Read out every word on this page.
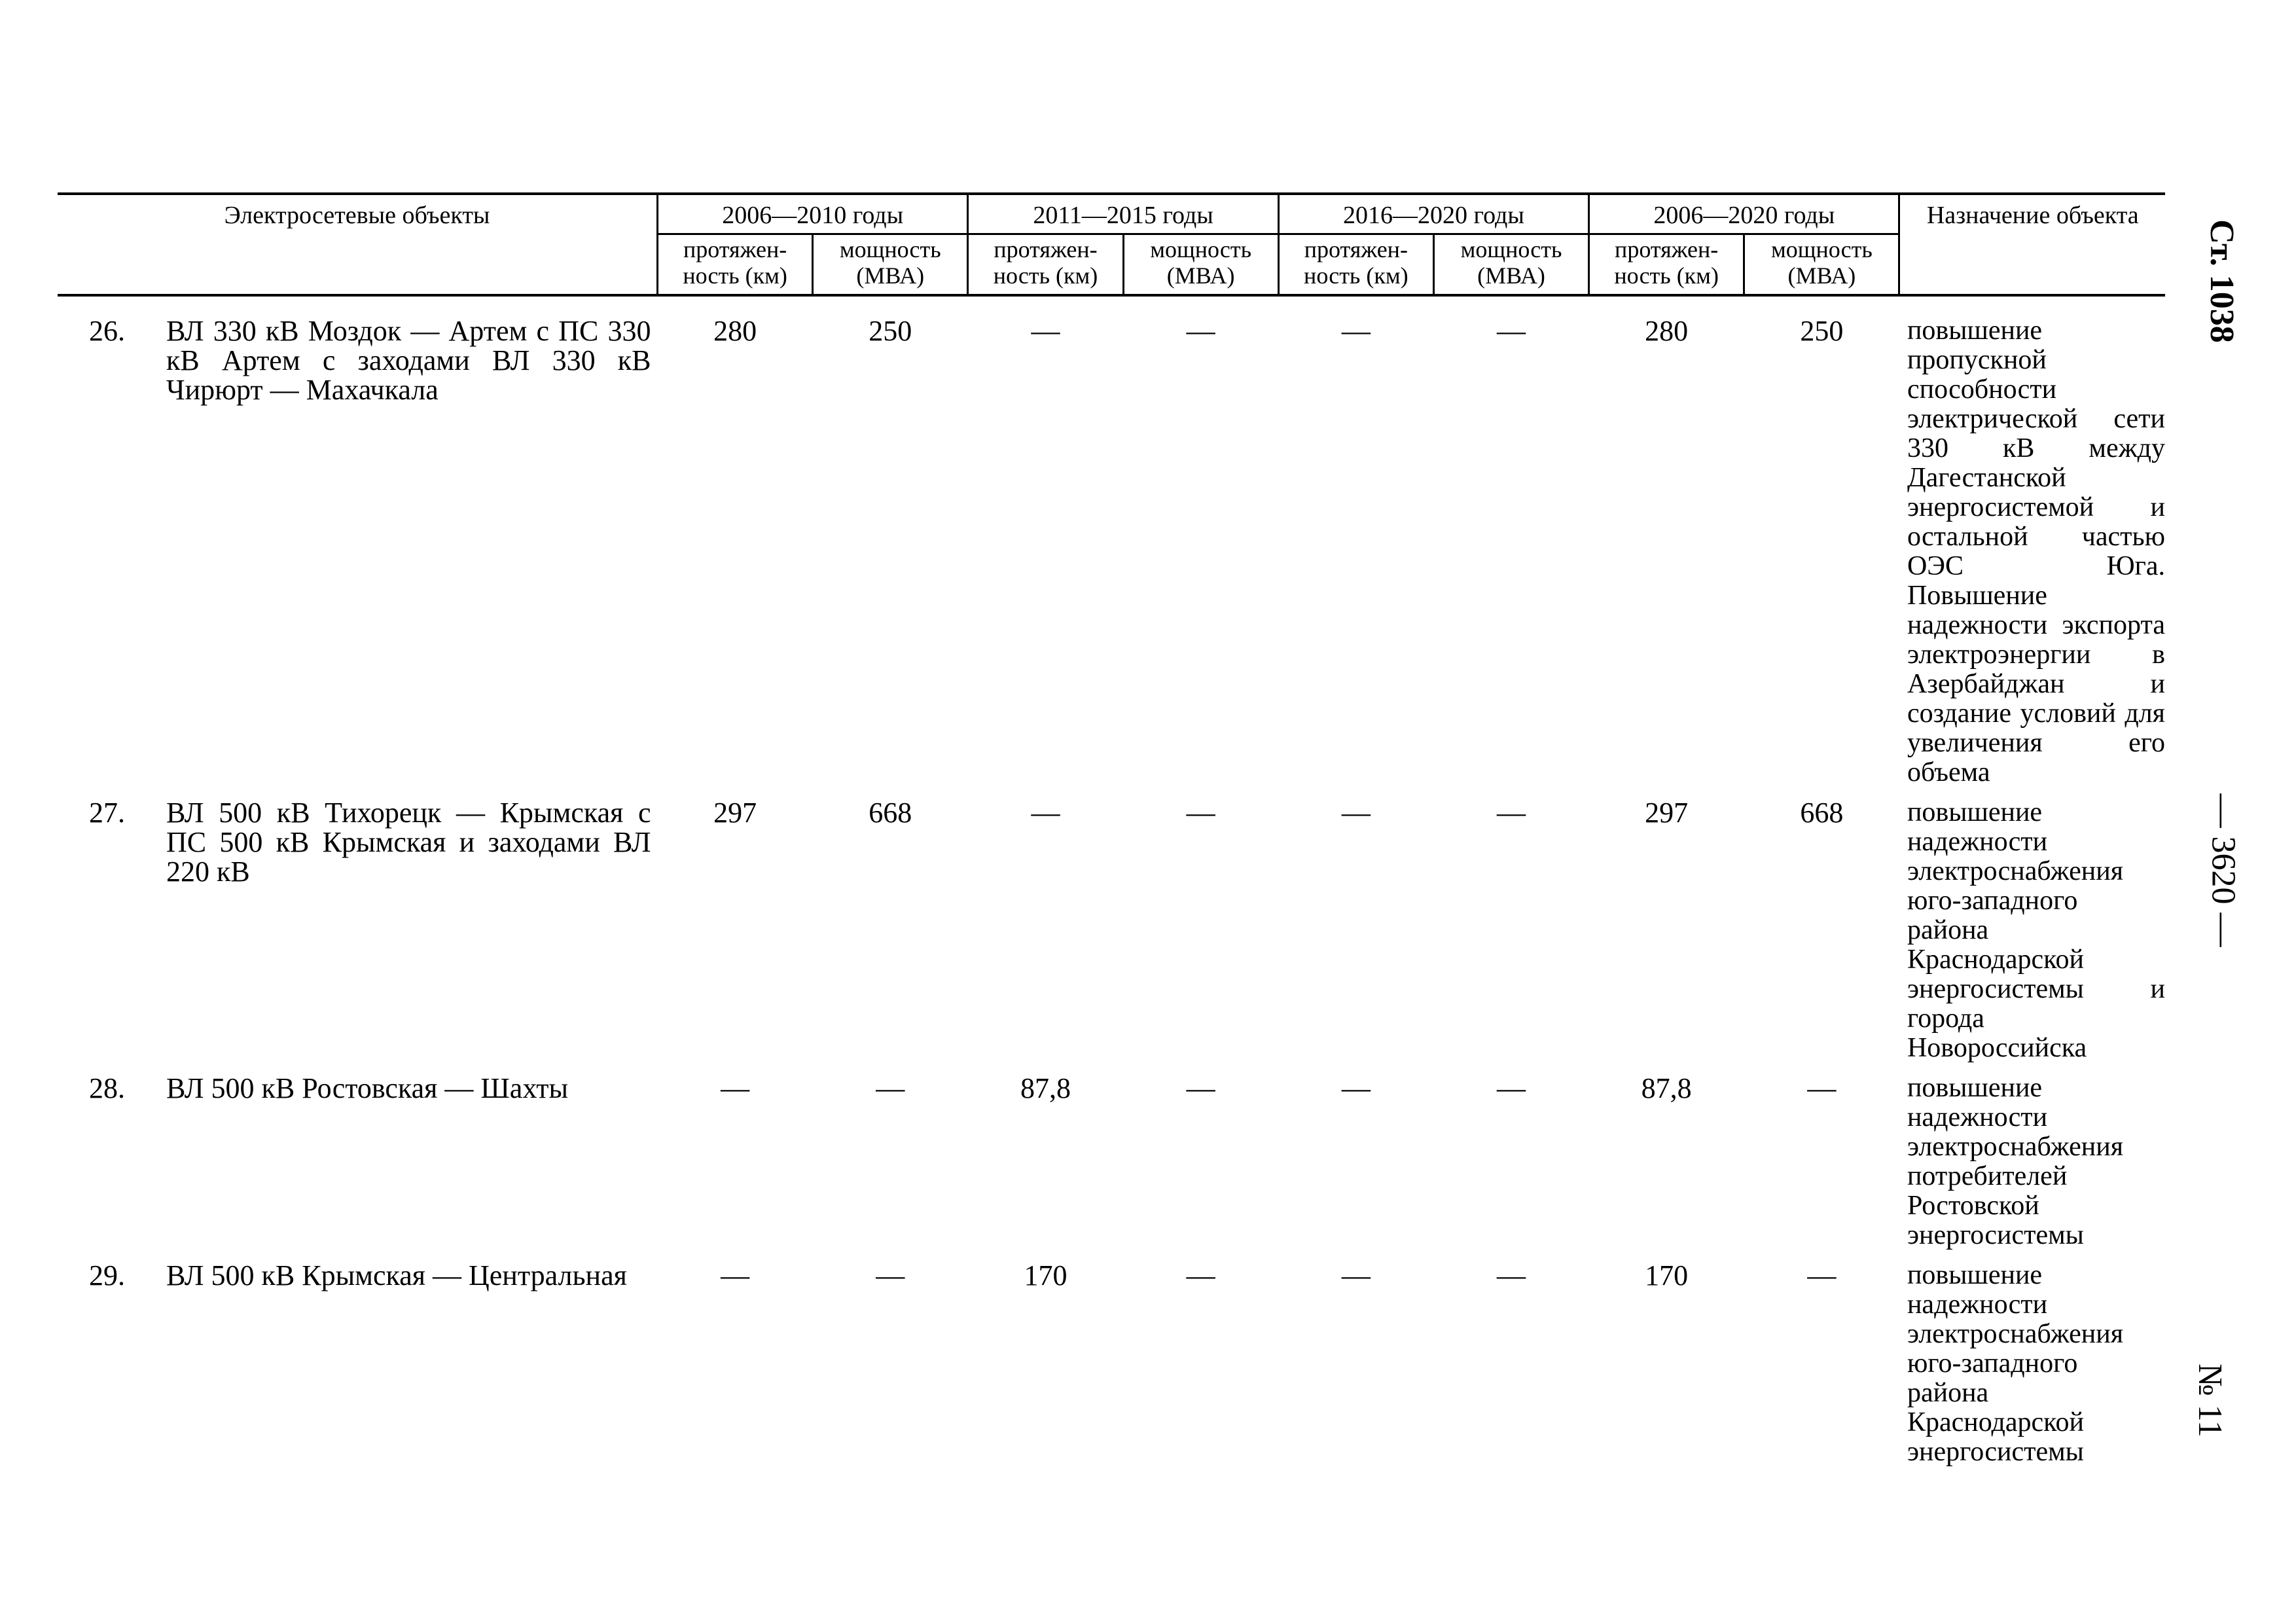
Электросетевые объекты	2006—2010 годы		2011—2015 годы		2016—2020 годы		2006—2020 годы		Назначение объекта
	протяжен-ность (км)	мощность (МВА)	протяжен-ность (км)	мощность (МВА)	протяжен-ность (км)	мощность (МВА)	протяжен-ность (км)	мощность (МВА)	

26. ВЛ 330 кВ Моздок — Артем с ПС 330 кВ Артем с заходами ВЛ 330 кВ Чирюрт — Махачкала	280	250	—	—	—	—	280	250	повышение пропускной способности электрической сети 330 кВ между Дагестанской энергосистемой и остальной частью ОЭС Юга. Повышение надежности экспорта электроэнергии в Азербайджан и создание условий для увеличения его объема

27. ВЛ 500 кВ Тихорецк — Крымская с ПС 500 кВ Крымская и заходами ВЛ 220 кВ	297	668	—	—	—	—	297	668	повышение надежности электроснабжения юго-западного района Краснодарской энергосистемы и города Новороссийска

28. ВЛ 500 кВ Ростовская — Шахты	—	—	87,8	—	—	—	87,8	—	повышение надежности электроснабжения потребителей Ростовской энергосистемы

29. ВЛ 500 кВ Крымская — Центральная	—	—	170	—	—	—	170	—	повышение надежности электроснабжения юго-западного района Краснодарской энергосистемы
Ст. 1038
— 3620 —
№ 11
